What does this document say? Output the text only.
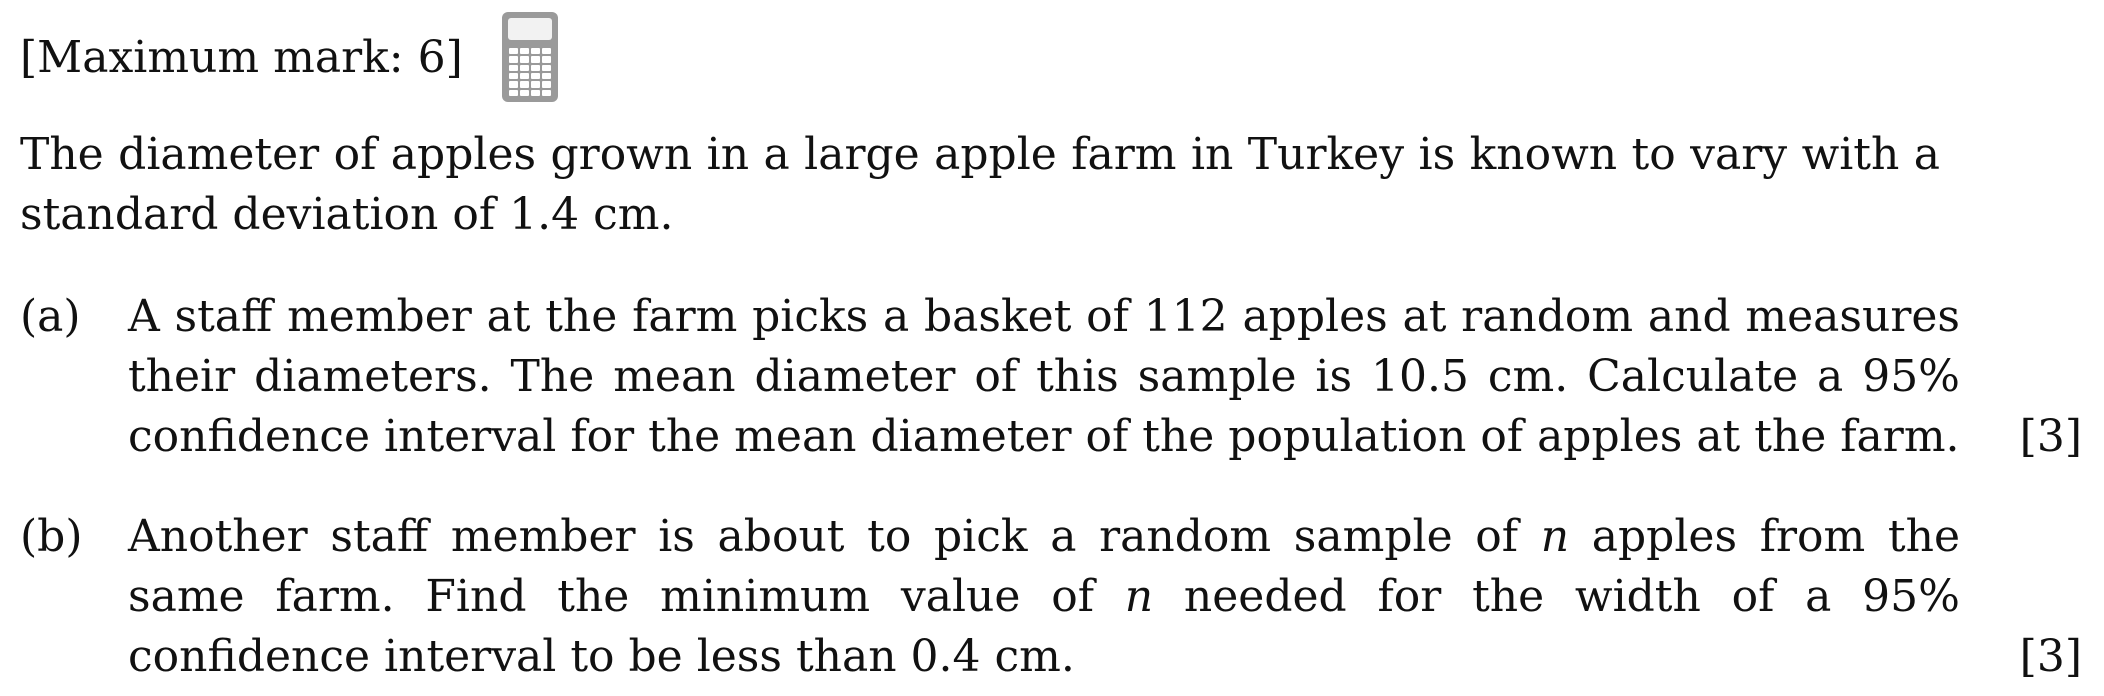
[Maximum mark: 6]
The diameter of apples grown in a large apple farm in Turkey is known to vary with a standard deviation of 1.4 cm.
(a)	A staff member at the farm picks a basket of 112 apples at random and measures their diameters. The mean diameter of this sample is 10.5 cm. Calculate a 95% confidence interval for the mean diameter of the population of apples at the farm. [3]
(b)	Another staff member is about to pick a random sample of n apples from the same farm. Find the minimum value of n needed for the width of a 95% confidence interval to be less than 0.4 cm.	[3]
